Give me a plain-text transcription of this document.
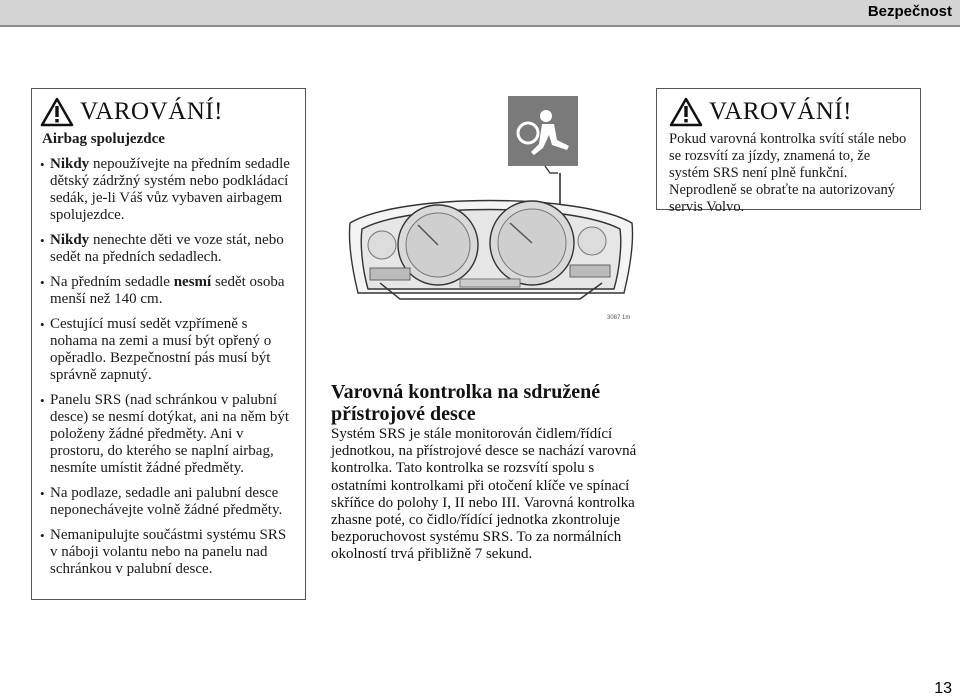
Bezpečnost
VAROVÁNÍ!
Airbag spolujezdce
• Nikdy nepoužívejte na předním sedadle dětský zádržný systém nebo podkládací sedák, je-li Váš vůz vybaven airbagem spolujezdce.
• Nikdy nenechte děti ve voze stát, nebo sedět na předních sedadlech.
• Na předním sedadle nesmí sedět osoba menší než 140 cm.
• Cestující musí sedět vzpřímeně s nohama na zemi a musí být opřený o opěradlo. Bezpečnostní pás musí být správně zapnutý.
• Panelu SRS (nad schránkou v palubní desce) se nesmí dotýkat, ani na něm být položeny žádné předměty. Ani v prostoru, do kterého se naplní airbag, nesmíte umístit žádné předměty.
• Na podlaze, sedadle ani palubní desce neponechávejte volně žádné předměty.
• Nemanipulujte součástmi systému SRS v náboji volantu nebo na panelu nad schránkou v palubní desce.
3087 1m
VAROVÁNÍ!
Pokud varovná kontrolka svítí stále nebo se rozsvítí za jízdy, znamená to, že systém SRS není plně funkční. Neprodleně se obraťte na autorizovaný servis Volvo.
Varovná kontrolka na sdružené přístrojové desce
Systém SRS je stále monitorován čidlem/řídící jednotkou, na přístrojové desce se nachází varovná kontrolka. Tato kontrolka se rozsvítí spolu s ostatními kontrolkami při otočení klíče ve spínací skříňce do polohy I, II nebo III. Varovná kontrolka zhasne poté, co čidlo/řídící jednotka zkontroluje bezporuchovost systému SRS. To za normálních okolností trvá přibližně 7 sekund.
13
